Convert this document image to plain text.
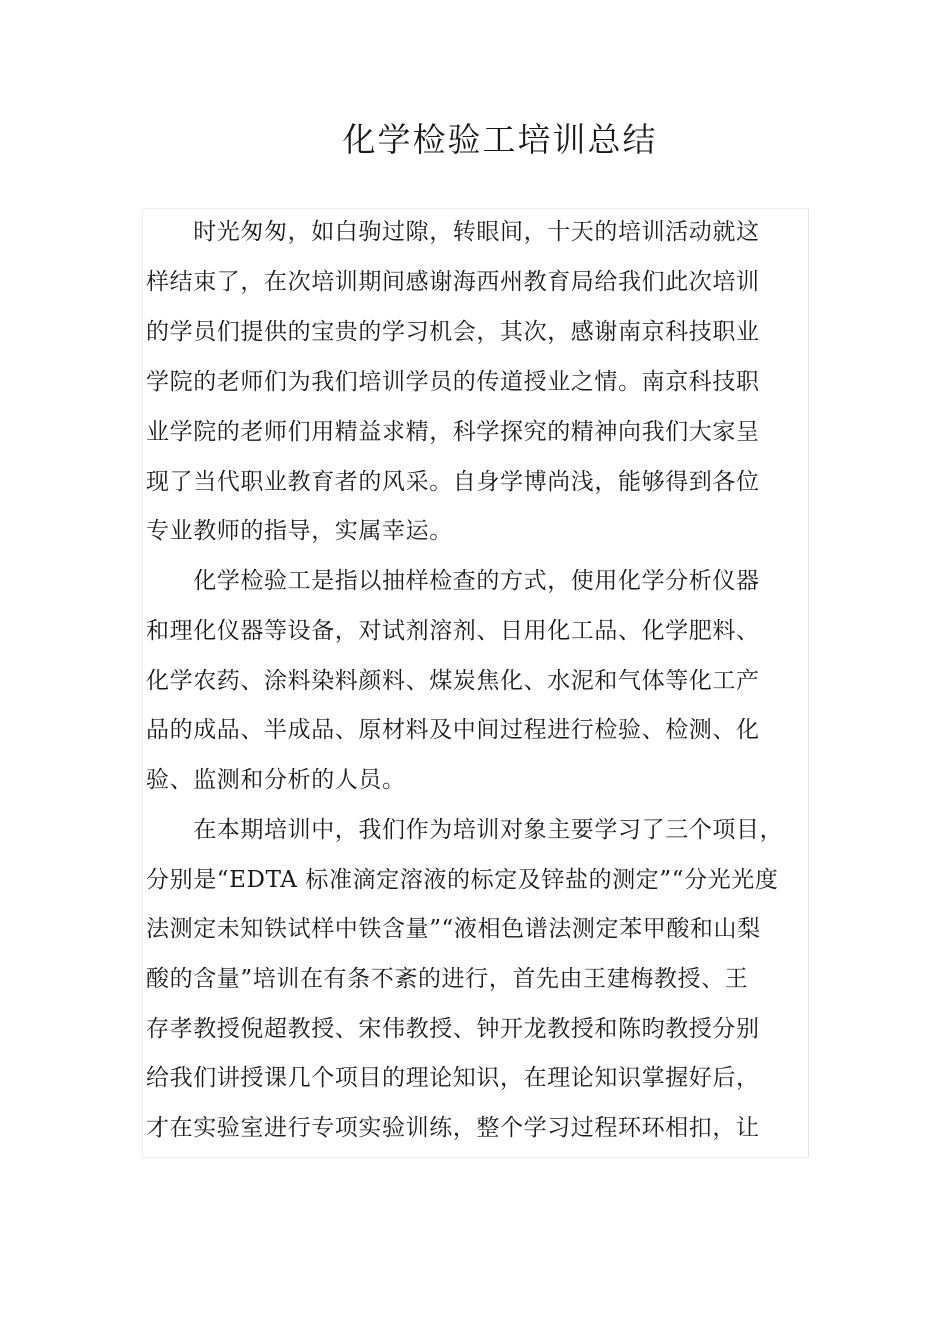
化学检验工培训总结

　　时光匆匆，如白驹过隙，转眼间，十天的培训活动就这

样结束了，在次培训期间感谢海西州教育局给我们此次培训

的学员们提供的宝贵的学习机会，其次，感谢南京科技职业

学院的老师们为我们培训学员的传道授业之情。南京科技职

业学院的老师们用精益求精，科学探究的精神向我们大家呈

现了当代职业教育者的风采。自身学博尚浅，能够得到各位

专业教师的指导，实属幸运。

　　化学检验工是指以抽样检查的方式，使用化学分析仪器

和理化仪器等设备，对试剂溶剂、日用化工品、化学肥料、

化学农药、涂料染料颜料、煤炭焦化、水泥和气体等化工产

品的成品、半成品、原材料及中间过程进行检验、检测、化

验、监测和分析的人员。

　　在本期培训中，我们作为培训对象主要学习了三个项目，

分别是“EDTA 标准滴定溶液的标定及锌盐的测定”“分光光度

法测定未知铁试样中铁含量”“液相色谱法测定苯甲酸和山梨

酸的含量”培训在有条不紊的进行，首先由王建梅教授、王

存孝教授倪超教授、宋伟教授、钟开龙教授和陈昀教授分别

给我们讲授课几个项目的理论知识，在理论知识掌握好后，

才在实验室进行专项实验训练，整个学习过程环环相扣，让
